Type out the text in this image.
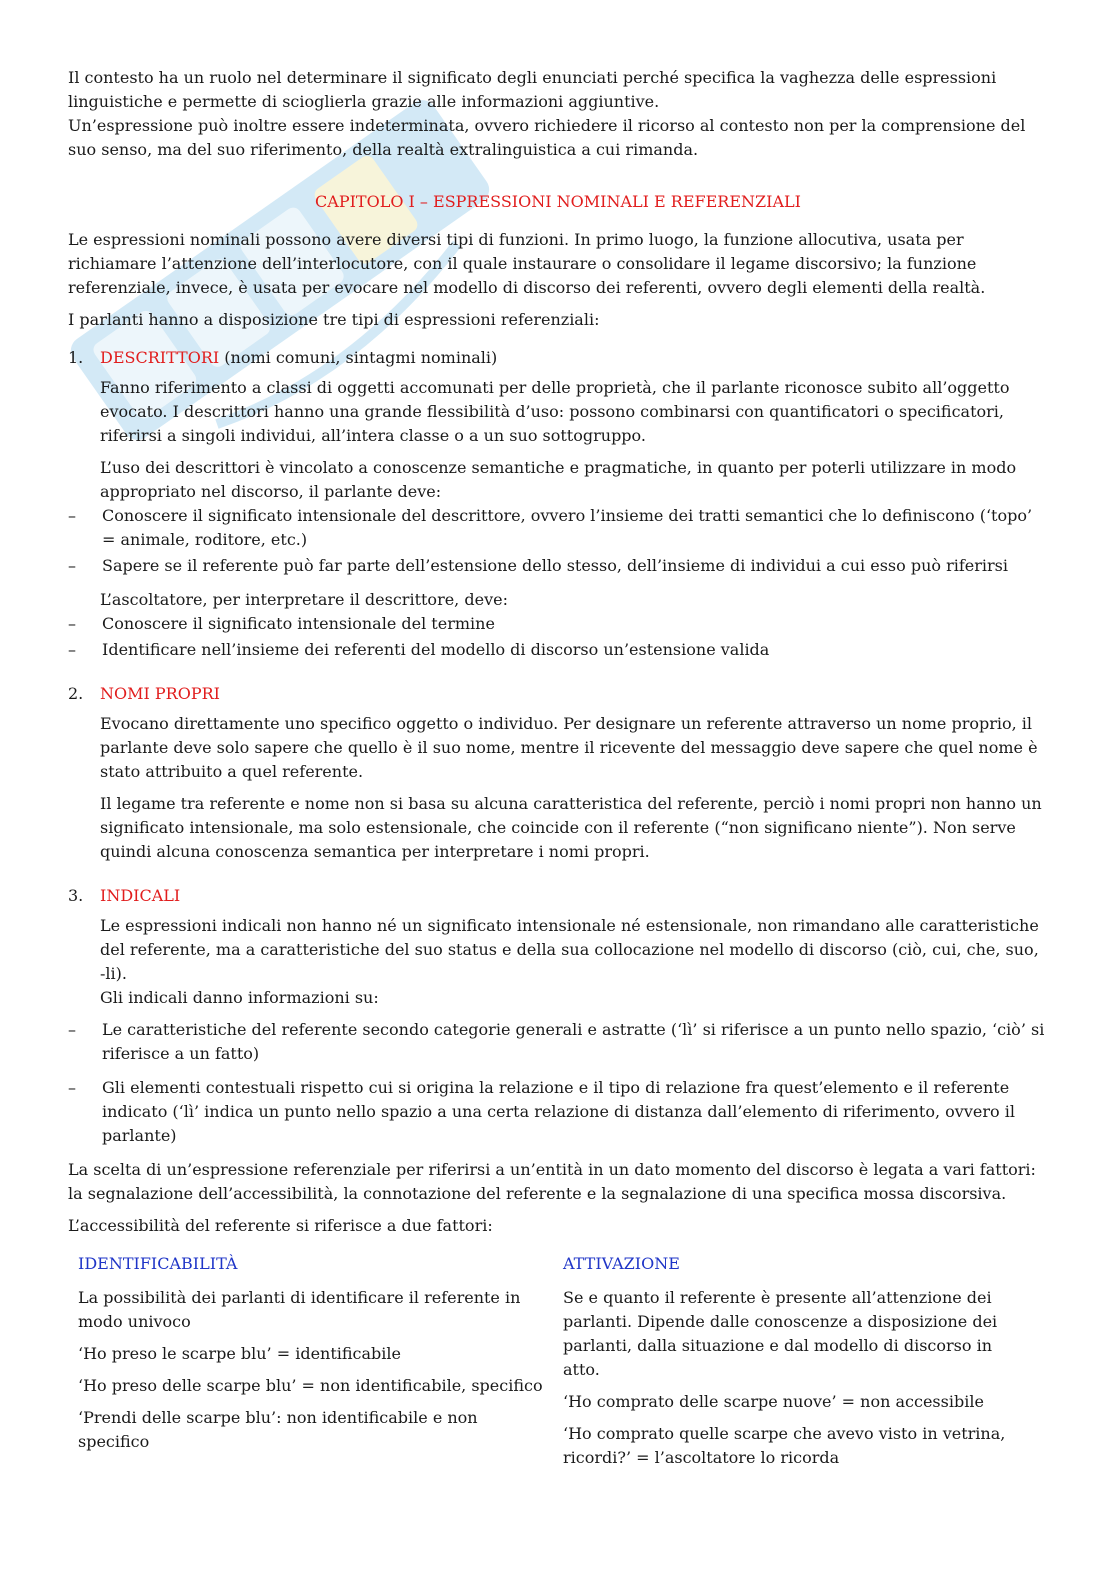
Il contesto ha un ruolo nel determinare il significato degli enunciati perché specifica la vaghezza delle espressioni linguistiche e permette di scioglierla grazie alle informazioni aggiuntive.

Un’espressione può inoltre essere indeterminata, ovvero richiedere il ricorso al contesto non per la comprensione del suo senso, ma del suo riferimento, della realtà extralinguistica a cui rimanda.

CAPITOLO I – ESPRESSIONI NOMINALI E REFERENZIALI

Le espressioni nominali possono avere diversi tipi di funzioni. In primo luogo, la funzione allocutiva, usata per richiamare l’attenzione dell’interlocutore, con il quale instaurare o consolidare il legame discorsivo; la funzione referenziale, invece, è usata per evocare nel modello di discorso dei referenti, ovvero degli elementi della realtà.

I parlanti hanno a disposizione tre tipi di espressioni referenziali:

1.	DESCRITTORI (nomi comuni, sintagmi nominali)

Fanno riferimento a classi di oggetti accomunati per delle proprietà, che il parlante riconosce subito all’oggetto evocato. I descrittori hanno una grande flessibilità d’uso: possono combinarsi con quantificatori o specificatori, riferirsi a singoli individui, all’intera classe o a un suo sottogruppo.

L’uso dei descrittori è vincolato a conoscenze semantiche e pragmatiche, in quanto per poterli utilizzare in modo appropriato nel discorso, il parlante deve:

–	Conoscere il significato intensionale del descrittore, ovvero l’insieme dei tratti semantici che lo definiscono (‘topo’ = animale, roditore, etc.)
–	Sapere se il referente può far parte dell’estensione dello stesso, dell’insieme di individui a cui esso può riferirsi

L’ascoltatore, per interpretare il descrittore, deve:

–	Conoscere il significato intensionale del termine
–	Identificare nell’insieme dei referenti del modello di discorso un’estensione valida
2.	NOMI PROPRI

Evocano direttamente uno specifico oggetto o individuo. Per designare un referente attraverso un nome proprio, il parlante deve solo sapere che quello è il suo nome, mentre il ricevente del messaggio deve sapere che quel nome è stato attribuito a quel referente.

Il legame tra referente e nome non si basa su alcuna caratteristica del referente, perciò i nomi propri non hanno un significato intensionale, ma solo estensionale, che coincide con il referente (“non significano niente”). Non serve quindi alcuna conoscenza semantica per interpretare i nomi propri.

3.	INDICALI

Le espressioni indicali non hanno né un significato intensionale né estensionale, non rimandano alle caratteristiche del referente, ma a caratteristiche del suo status e della sua collocazione nel modello di discorso (ciò, cui, che, suo, -li).

Gli indicali danno informazioni su:

–	Le caratteristiche del referente secondo categorie generali e astratte (‘lì’ si riferisce a un punto nello spazio, ‘ciò’ si riferisce a un fatto)
–	Gli elementi contestuali rispetto cui si origina la relazione e il tipo di relazione fra quest’elemento e il referente indicato (‘lì’ indica un punto nello spazio a una certa relazione di distanza dall’elemento di riferimento, ovvero il parlante)

La scelta di un’espressione referenziale per riferirsi a un’entità in un dato momento del discorso è legata a vari fattori: la segnalazione dell’accessibilità, la connotazione del referente e la segnalazione di una specifica mossa discorsiva.

L’accessibilità del referente si riferisce a due fattori:

IDENTIFICABILITÀ

La possibilità dei parlanti di identificare il referente in modo univoco

‘Ho preso le scarpe blu’ = identificabile

‘Ho preso delle scarpe blu’ = non identificabile, specifico

‘Prendi delle scarpe blu’: non identificabile e non specifico

ATTIVAZIONE

Se e quanto il referente è presente all’attenzione dei parlanti. Dipende dalle conoscenze a disposizione dei parlanti, dalla situazione e dal modello di discorso in atto.

‘Ho comprato delle scarpe nuove’ = non accessibile

‘Ho comprato quelle scarpe che avevo visto in vetrina, ricordi?’ = l’ascoltatore lo ricorda
